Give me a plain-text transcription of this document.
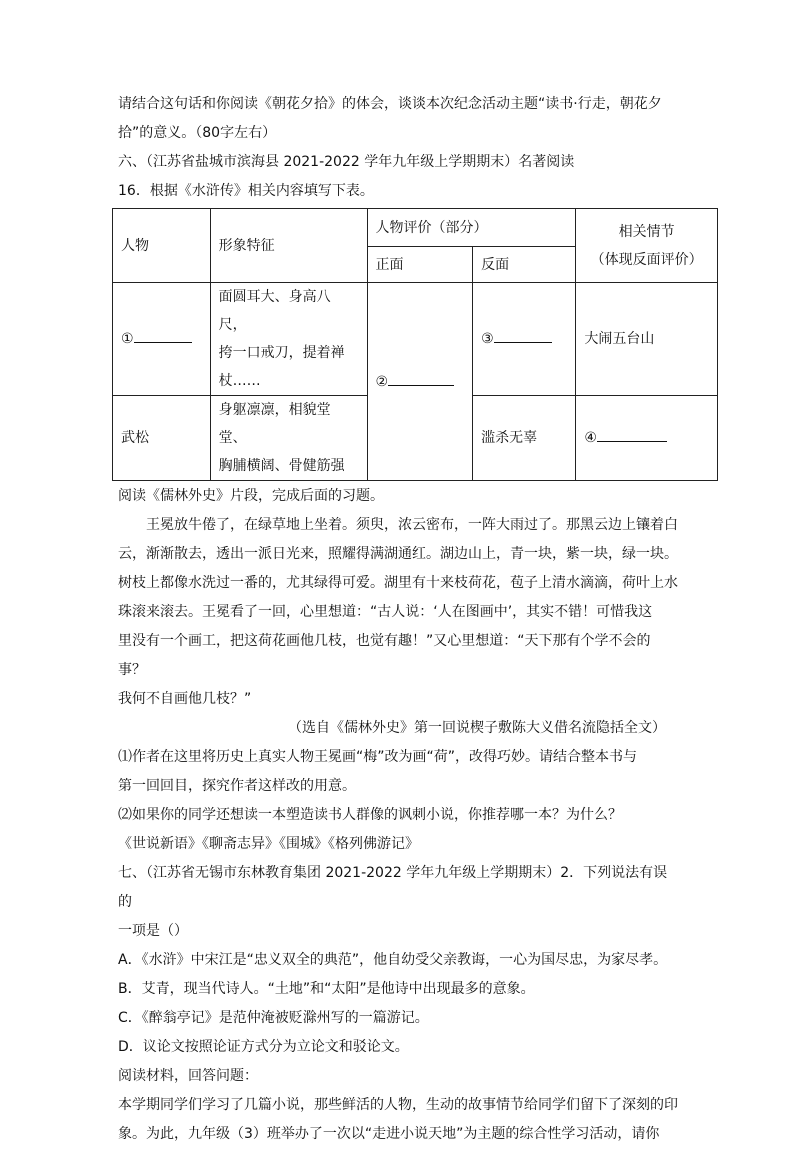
请结合这句话和你阅读《朝花夕拾》的体会，谈谈本次纪念活动主题“读书·行走，朝花夕

拾”的意义。（80字左右）

六、（江苏省盐城市滨海县 2021-2022 学年九年级上学期期末）名著阅读

16．根据《水浒传》相关内容填写下表。

人物	形象特征	人物评价（部分）		相关情节
（体现反面评价）

		正面	反面	
①	面圆耳大、身高八尺，
挎一口戒刀，提着禅
杖……	②	③	大闹五台山
武松	身躯凛凛，相貌堂堂、
胸脯横阔、骨健筋强		滥杀无辜	④

阅读《儒林外史》片段，完成后面的习题。

王冕放牛倦了，在绿草地上坐着。须臾，浓云密布，一阵大雨过了。那黑云边上镶着白

云，渐渐散去，透出一派日光来，照耀得满湖通红。湖边山上，青一块，紫一块，绿一块。

树枝上都像水洗过一番的，尤其绿得可爱。湖里有十来枝荷花，苞子上清水滴滴，荷叶上水

珠滚来滚去。王冕看了一回，心里想道：“古人说：‘人在图画中’，其实不错！可惜我这

里没有一个画工，把这荷花画他几枝，也觉有趣！”又心里想道：“天下那有个学不会的事？

我何不自画他几枝？”

（选自《儒林外史》第一回说楔子敷陈大义借名流隐括全文）

⑴作者在这里将历史上真实人物王冕画“梅”改为画“荷”，改得巧妙。请结合整本书与

第一回回目，探究作者这样改的用意。

⑵如果你的同学还想读一本塑造读书人群像的讽刺小说，你推荐哪一本？为什么？

《世说新语》《聊斋志异》《围城》《格列佛游记》

七、（江苏省无锡市东林教育集团 2021-2022 学年九年级上学期期末）2．下列说法有误的

一项是（）

A．《水浒》中宋江是“忠义双全的典范”，他自幼受父亲教诲，一心为国尽忠，为家尽孝。

B．艾青，现当代诗人。“土地”和“太阳”是他诗中出现最多的意象。

C．《醉翁亭记》是范仲淹被贬滁州写的一篇游记。

D．议论文按照论证方式分为立论文和驳论文。

阅读材料，回答问题：

本学期同学们学习了几篇小说，那些鲜活的人物，生动的故事情节给同学们留下了深刻的印

象。为此，九年级（3）班举办了一次以“走进小说天地”为主题的综合性学习活动，请你
